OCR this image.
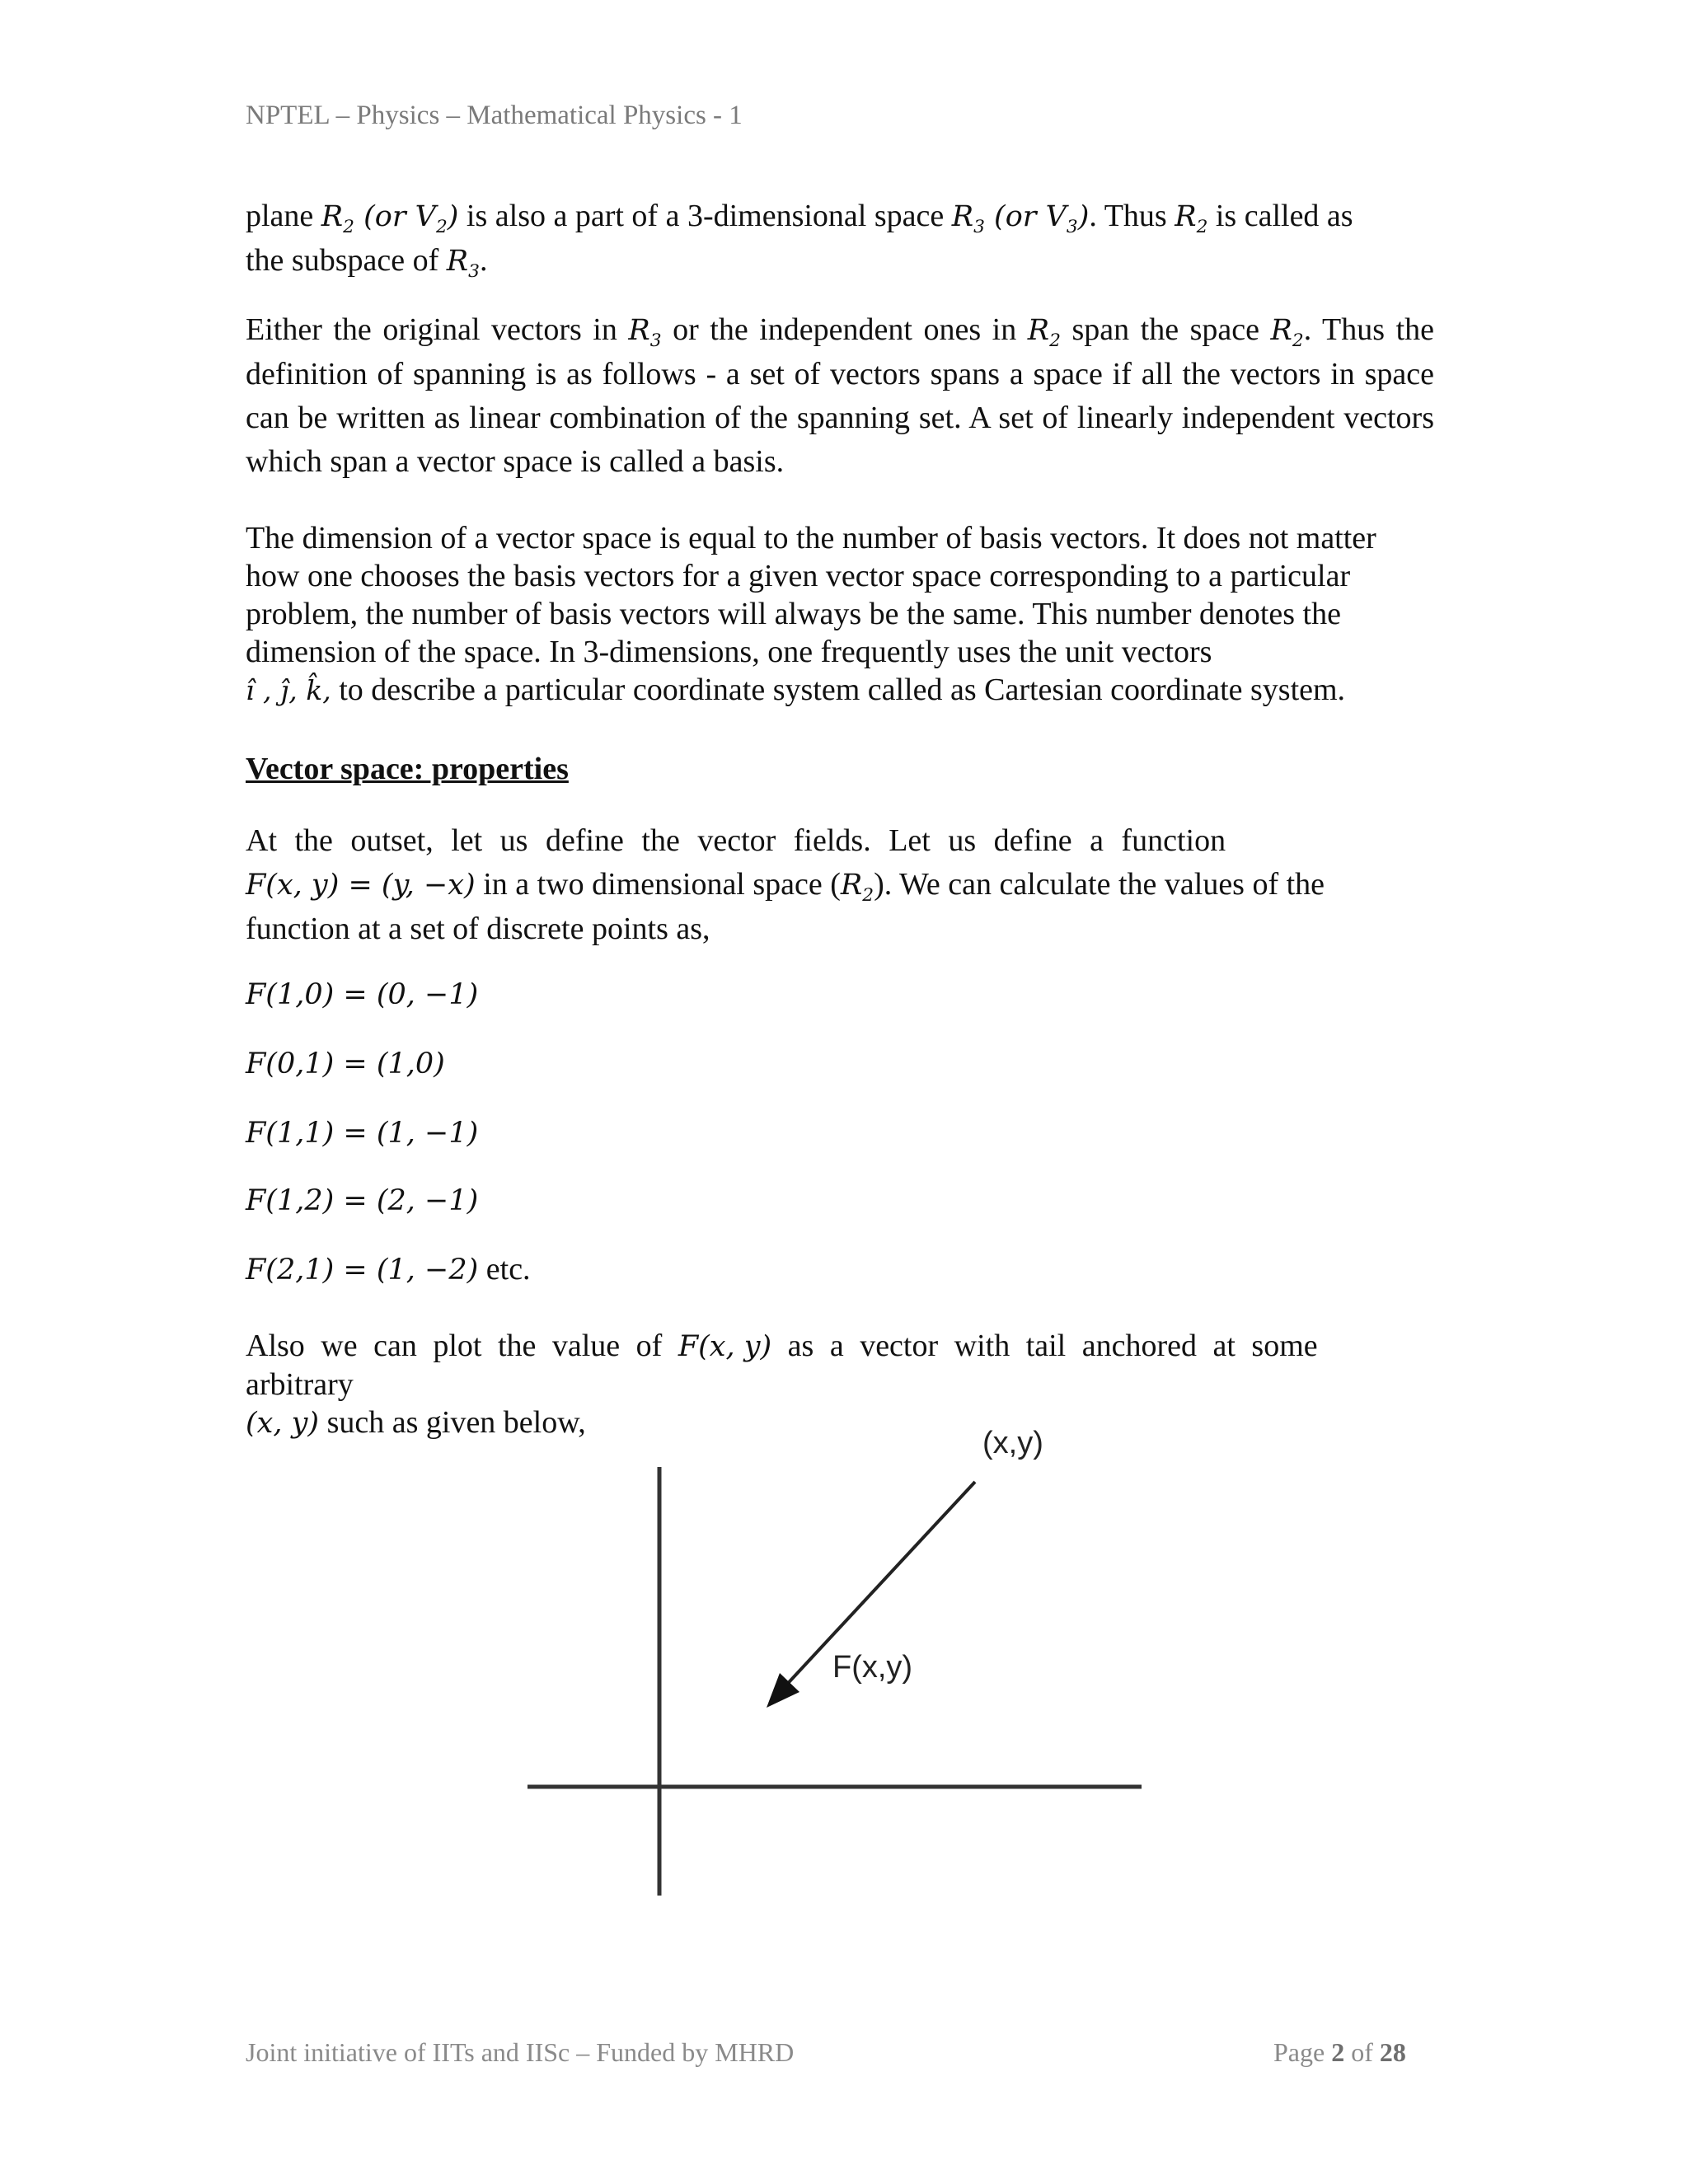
NPTEL – Physics – Mathematical Physics - 1

plane $R_2$ (or $V_2$) is also a part of a 3-dimensional space $R_3$ (or $V_3$). Thus $R_2$ is called as
the subspace of $R_3$.

Either the original vectors in $R_3$ or the independent ones in $R_2$ span the space $R_2$. Thus the definition of spanning is as follows - a set of vectors spans a space if all the vectors in space can be written as linear combination of the spanning set. A set of linearly independent vectors which span a vector space is called a basis.

The dimension of a vector space is equal to the number of basis vectors. It does not matter how one chooses the basis vectors for a given vector space corresponding to a particular problem, the number of basis vectors will always be the same. This number denotes the dimension of the space. In 3-dimensions, one frequently uses the unit vectors
î , ĵ, k̂, to describe a particular coordinate system called as Cartesian coordinate system.

Vector space: properties

At the outset, let us define the vector fields. Let us define a function
F(x, y) = (y, −x) in a two dimensional space $(R_2)$. We can calculate the values of the
function at a set of discrete points as,

F(1,0) = (0, −1)
F(0,1) = (1,0)
F(1,1) = (1, −1)
F(1,2) = (2, −1)
F(2,1) = (1, −2) etc.

Also we can plot the value of F(x, y) as a vector with tail anchored at some
arbitrary
(x, y) such as given below,

(x,y)
F(x,y)
Joint initiative of IITs and IISc – Funded by MHRD	Page 2 of 28
